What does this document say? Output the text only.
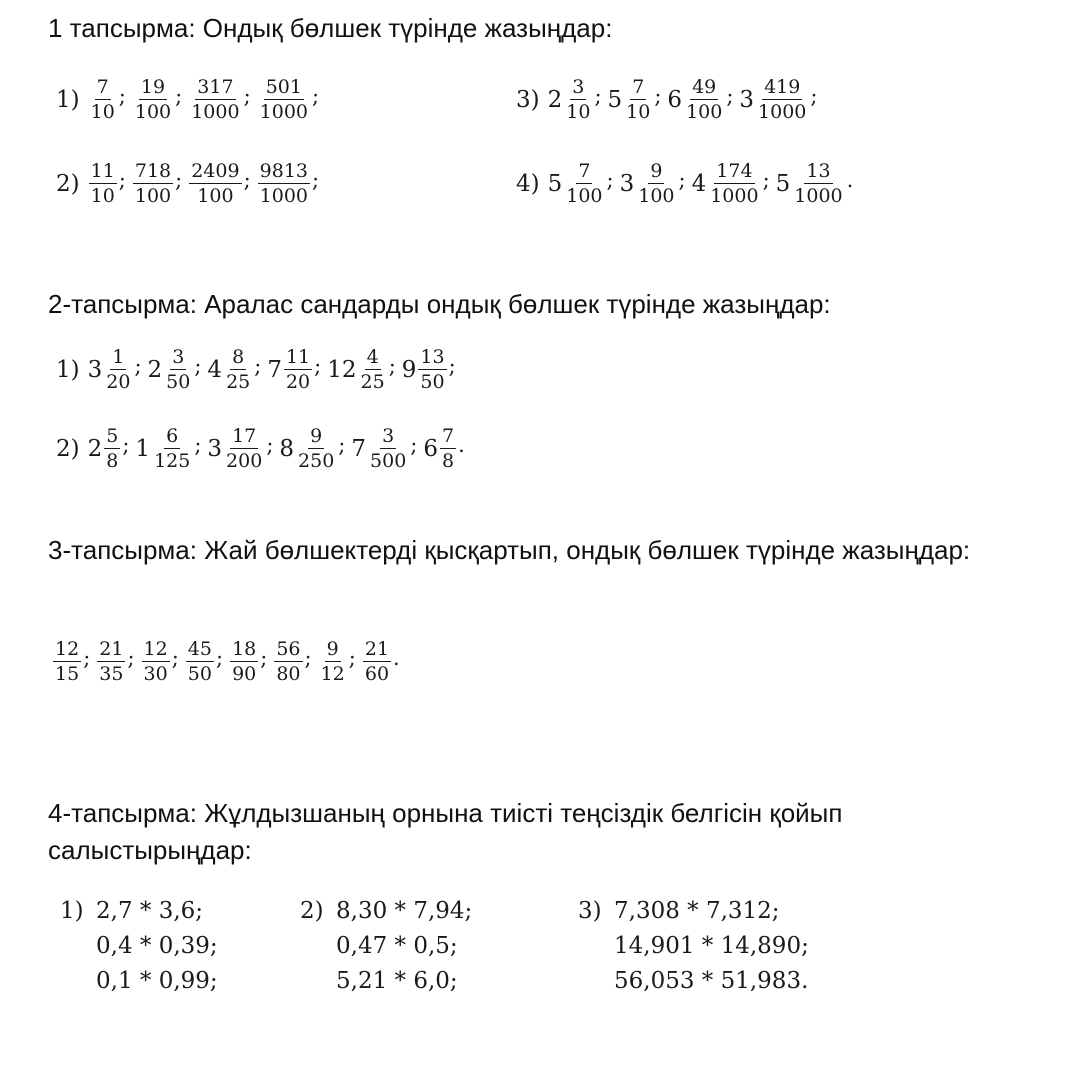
1 тапсырма: Ондық бөлшек түрінде жазыңдар:
$1) \frac{7}{10}$ ; $\frac{19}{100}$ ; $\frac{317}{1000}$ ; $\frac{501}{1000}$ ;
$2) \frac{11}{10}$ ; $\frac{718}{100}$ ; $\frac{2409}{100}$ ; $\frac{9813}{1000}$ ;
3) $2 \frac{3}{10}$ ; $5 \frac{7}{10}$ ; $6 \frac{49}{100}$ ; $3 \frac{419}{1000}$ ;
4) $5 \frac{7}{100}$ ; $3 \frac{9}{100}$ ; $4 \frac{174}{1000}$ ; $5 \frac{13}{1000}$ .
2-тапсырма: Аралас сандарды ондық бөлшек түрінде жазыңдар:
1) $3 \frac{1}{20}$ ; $2 \frac{3}{50}$ ; $4 \frac{8}{25}$ ; $7 \frac{11}{20}$ ; $12 \frac{4}{25}$ ; $9 \frac{13}{50}$ ;
2) $2 \frac{5}{8}$ ; $1 \frac{6}{125}$ ; $3 \frac{17}{200}$ ; $8 \frac{9}{250}$ ; $7 \frac{3}{500}$ ; $6 \frac{7}{8}$ .
3-тапсырма: Жай бөлшектерді қысқартып, ондық бөлшек түрінде жазыңдар:
$\frac{12}{15}$ ; $\frac{21}{35}$ ; $\frac{12}{30}$ ; $\frac{45}{50}$ ; $\frac{18}{90}$ ; $\frac{56}{80}$ ; $\frac{9}{12}$ ; $\frac{21}{60}$ .
4-тапсырма: Жұлдызшаның орнына тиісті теңсіздік белгісін қойып салыстырыңдар:
1) 2,7 * 3,6;
0,4 * 0,39;
0,1 * 0,99;
2) 8,30 * 7,94;
0,47 * 0,5;
5,21 * 6,0;
3) 7,308 * 7,312;
14,901 * 14,890;
56,053 * 51,983.
